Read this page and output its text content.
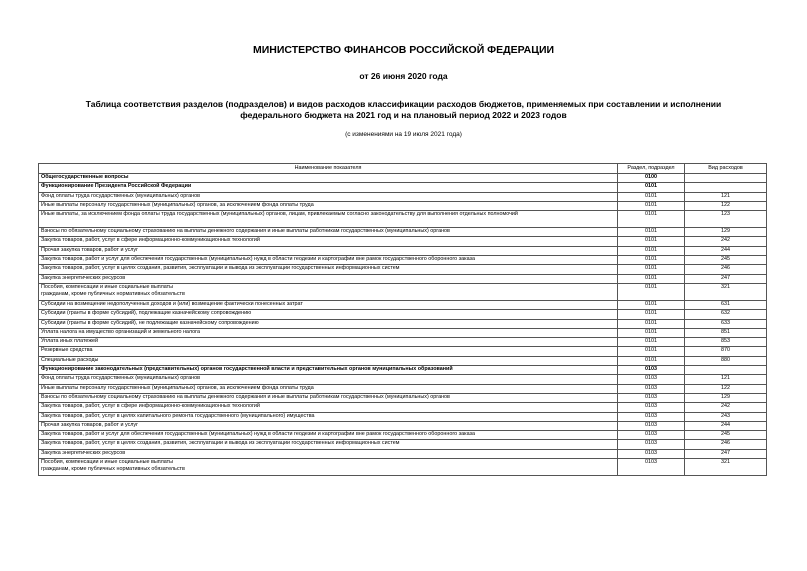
МИНИСТЕРСТВО ФИНАНСОВ РОССИЙСКОЙ ФЕДЕРАЦИИ
от 26 июня 2020 года
Таблица соответствия разделов (подразделов) и видов расходов классификации расходов бюджетов, применяемых при составлении и исполнении федерального бюджета на 2021 год и на плановый период 2022 и 2023 годов
(с изменениями на 19 июля 2021 года)
Наименование показателя	Раздел, подраздел	Вид расходов
Общегосударственные вопросы	0100	
Функционирование Президента Российской Федерации	0101	
Фонд оплаты труда государственных (муниципальных) органов	0101	121
Иные выплаты персоналу государственных (муниципальных) органов, за исключением фонда оплаты труда	0101	122
Иные выплаты, за исключением фонда оплаты труда государственных (муниципальных) органов, лицам, привлекаемым согласно законодательству для выполнения отдельных полномочий	0101	123
Взносы по обязательному социальному страхованию на выплаты денежного содержания и иные выплаты работникам государственных (муниципальных) органов	0101	129
Закупка товаров, работ, услуг в сфере информационно-коммуникационных технологий	0101	242
Прочая закупка товаров, работ и услуг	0101	244
Закупка товаров, работ и услуг для обеспечения государственных (муниципальных) нужд в области геодезии и картографии вне рамок государственного оборонного заказа	0101	245
Закупка товаров, работ, услуг в целях создания, развития, эксплуатации и вывода из эксплуатации государственных информационных систем	0101	246
Закупка энергетических ресурсов	0101	247
Пособия, компенсации и иные социальные выплаты
гражданам, кроме публичных нормативных обязательств	0101	321
Субсидии на возмещение недополученных доходов и (или) возмещение фактически понесенных затрат	0101	631
Субсидии (гранты в форме субсидий), подлежащие казначейскому сопровождению	0101	632
Субсидии (гранты в форме субсидий), не подлежащие казначейскому сопровождению	0101	633
Уплата налога на имущество организаций и земельного налога	0101	851
Уплата иных платежей	0101	853
Резервные средства	0101	870
Специальные расходы	0101	880
Функционирование законодательных (представительных) органов государственной власти и представительных органов муниципальных образований	0103	
Фонд оплаты труда государственных (муниципальных) органов	0103	121
Иные выплаты персоналу государственных (муниципальных) органов, за исключением фонда оплаты труда	0103	122
Взносы по обязательному социальному страхованию на выплаты денежного содержания и иные выплаты работникам государственных (муниципальных) органов	0103	129
Закупка товаров, работ, услуг в сфере информационно-коммуникационных технологий	0103	242
Закупка товаров, работ, услуг в целях капитального ремонта государственного (муниципального) имущества	0103	243
Прочая закупка товаров, работ и услуг	0103	244
Закупка товаров, работ и услуг для обеспечения государственных (муниципальных) нужд в области геодезии и картографии вне рамок государственного оборонного заказа	0103	245
Закупка товаров, работ, услуг в целях создания, развития, эксплуатации и вывода из эксплуатации государственных информационных систем	0103	246
Закупка энергетических ресурсов	0103	247
Пособия, компенсации и иные социальные выплаты
гражданам, кроме публичных нормативных обязательств	0103	321
